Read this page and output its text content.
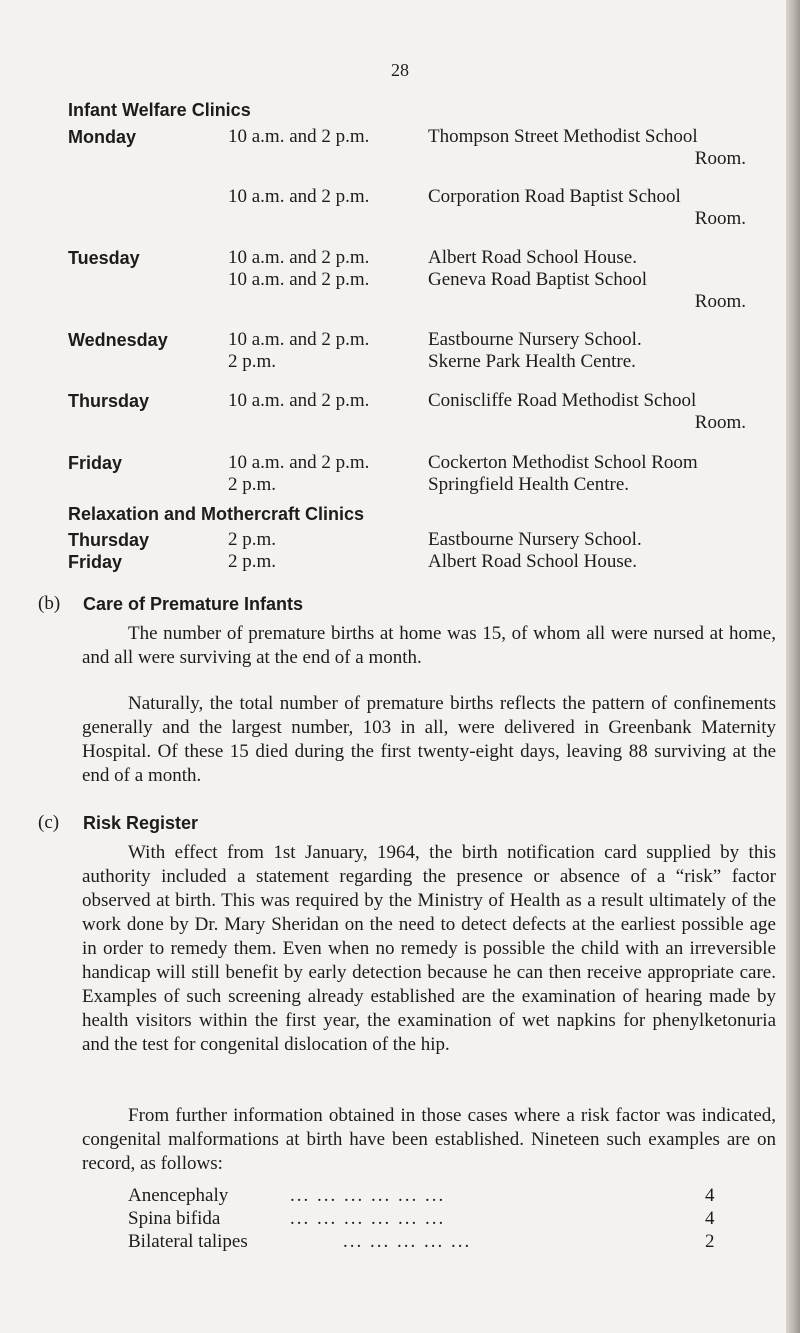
28
Infant Welfare Clinics
Monday	10 a.m. and 2 p.m.	Thompson Street Methodist School
Room.
10 a.m. and 2 p.m.	Corporation Road Baptist School
Room.
Tuesday	10 a.m. and 2 p.m.	Albert Road School House.
10 a.m. and 2 p.m.	Geneva Road Baptist School
Room.
Wednesday	10 a.m. and 2 p.m.	Eastbourne Nursery School.
2 p.m.	Skerne Park Health Centre.
Thursday	10 a.m. and 2 p.m.	Coniscliffe Road Methodist School
Room.
Friday	10 a.m. and 2 p.m.	Cockerton Methodist School Room
2 p.m.	Springfield Health Centre.
Relaxation and Mothercraft Clinics
Thursday	2 p.m.	Eastbourne Nursery School.
Friday	2 p.m.	Albert Road School House.
(b) Care of Premature Infants

The number of premature births at home was 15, of whom all were nursed at home, and all were surviving at the end of a month.

Naturally, the total number of premature births reflects the pattern of confinements generally and the largest number, 103 in all, were delivered in Greenbank Maternity Hospital. Of these 15 died during the first twenty-eight days, leaving 88 surviving at the end of a month.

(c) Risk Register

With effect from 1st January, 1964, the birth notification card supplied by this authority included a statement regarding the presence or absence of a “risk” factor observed at birth. This was required by the Ministry of Health as a result ultimately of the work done by Dr. Mary Sheridan on the need to detect defects at the earliest possible age in order to remedy them. Even when no remedy is possible the child with an irreversible handicap will still benefit by early detection because he can then receive appropriate care. Examples of such screening already established are the examination of hearing made by health visitors within the first year, the examination of wet napkins for phenylketonuria and the test for congenital dislocation of the hip.

From further information obtained in those cases where a risk factor was indicated, congenital malformations at birth have been established. Nineteen such examples are on record, as follows:

Anencephaly	... ... ... ... ... ...	4
Spina bifida	... ... ... ... ... ...	4
Bilateral talipes	... ... ... ... ...	2
